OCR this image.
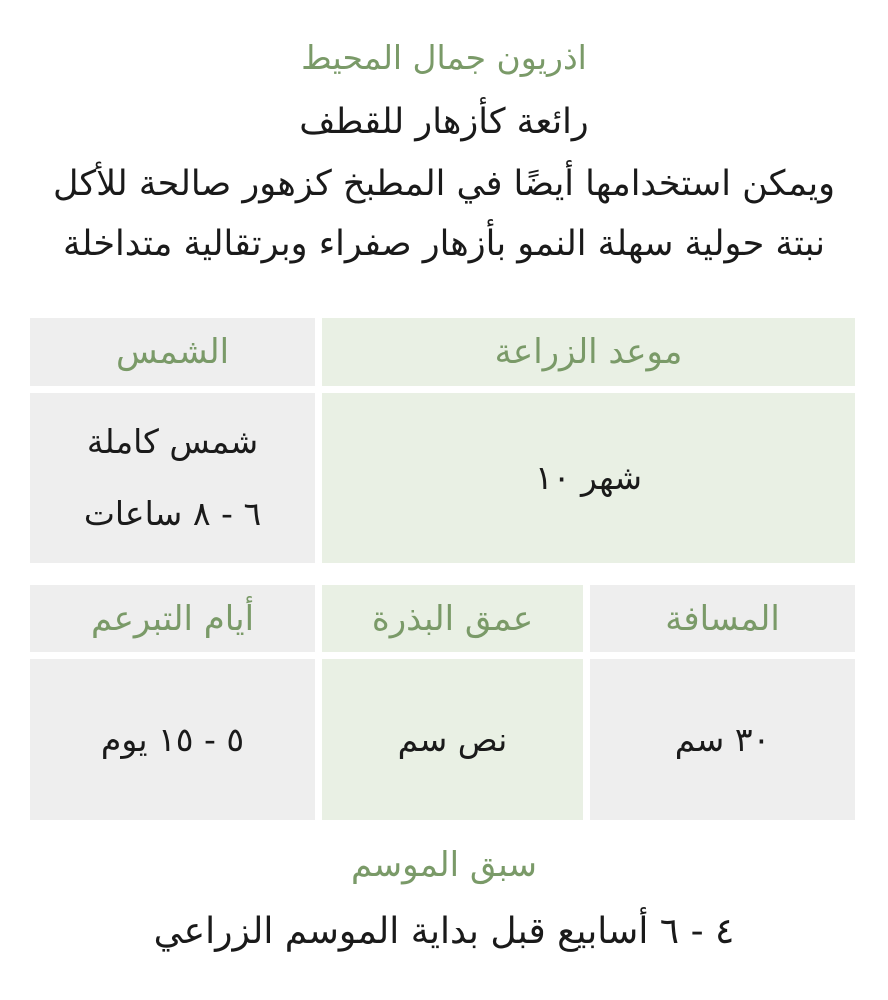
اذريون جمال المحيط

رائعة كأزهار للقطف

ويمكن استخدامها أيضًا في المطبخ كزهور صالحة للأكل

نبتة حولية سهلة النمو بأزهار صفراء وبرتقالية متداخلة

موعد الزراعة
الشمس
شهر ١٠
شمس كاملة
٦ - ٨ ساعات
المسافة
عمق البذرة
أيام التبرعم
٣٠ سم
نص سم
٥ - ١٥ يوم

سبق الموسم

٤ - ٦ أسابيع قبل بداية الموسم الزراعي
